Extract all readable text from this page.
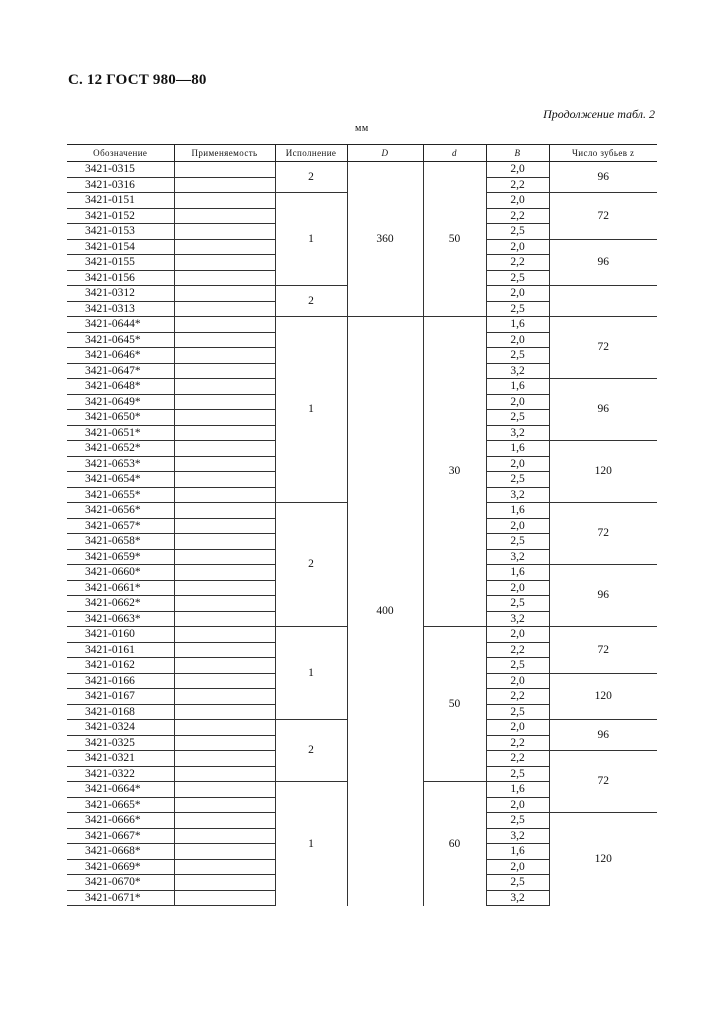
С. 12 ГОСТ 980—80
Продолжение табл. 2
мм
Обозначение	Применяемость	Исполнение	D	d	B	Число зубьев z
3421-0315		2	360	50	2,0	96
3421-0316					2,2	
3421-0151		1			2,0	72
3421-0152					2,2	
3421-0153					2,5	
3421-0154					2,0	96
3421-0155					2,2	
3421-0156					2,5	
3421-0312		2			2,0	
3421-0313					2,5	
3421-0644*		1	400	30	1,6	72
3421-0645*					2,0	
3421-0646*					2,5	
3421-0647*					3,2	
3421-0648*					1,6	96
3421-0649*					2,0	
3421-0650*					2,5	
3421-0651*					3,2	
3421-0652*					1,6	120
3421-0653*					2,0	
3421-0654*					2,5	
3421-0655*					3,2	
3421-0656*		2			1,6	72
3421-0657*					2,0	
3421-0658*					2,5	
3421-0659*					3,2	
3421-0660*					1,6	96
3421-0661*					2,0	
3421-0662*					2,5	
3421-0663*					3,2	
3421-0160		1		50	2,0	72
3421-0161					2,2	
3421-0162					2,5	
3421-0166					2,0	120
3421-0167					2,2	
3421-0168					2,5	
3421-0324		2			2,0	96
3421-0325					2,2	
3421-0321					2,2	72
3421-0322					2,5	
3421-0664*		1		60	1,6	
3421-0665*					2,0	
3421-0666*					2,5	120
3421-0667*					3,2	
3421-0668*					1,6	
3421-0669*					2,0	
3421-0670*					2,5	
3421-0671*					3,2	
